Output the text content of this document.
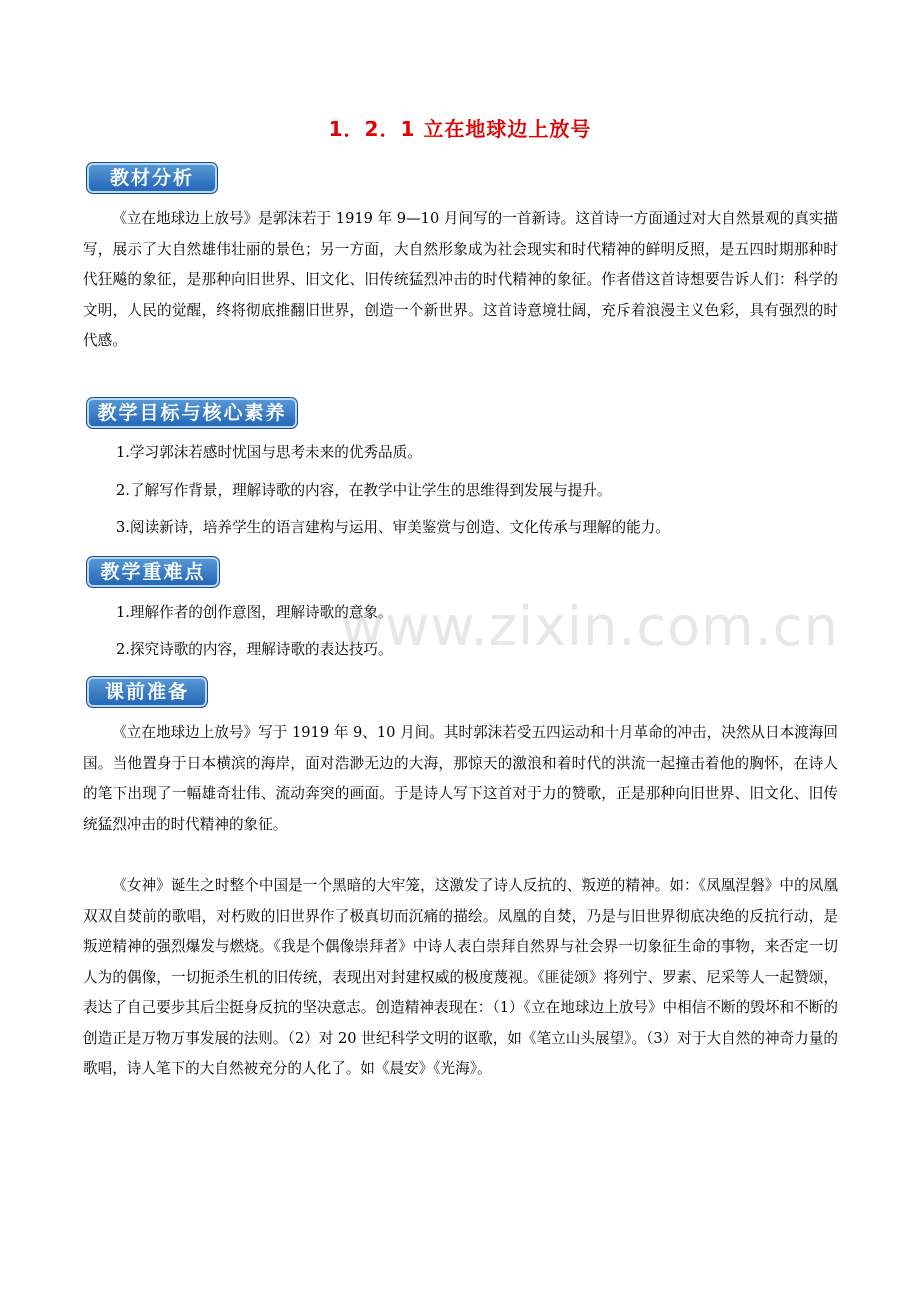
1．2．1 立在地球边上放号
教材分析

《立在地球边上放号》是郭沫若于 1919 年 9—10 月间写的一首新诗。这首诗一方面通过对大自然景观的真实描写，展示了大自然雄伟壮丽的景色；另一方面，大自然形象成为社会现实和时代精神的鲜明反照，是五四时期那种时代狂飚的象征，是那种向旧世界、旧文化、旧传统猛烈冲击的时代精神的象征。作者借这首诗想要告诉人们：科学的文明，人民的觉醒，终将彻底推翻旧世界，创造一个新世界。这首诗意境壮阔，充斥着浪漫主义色彩，具有强烈的时代感。

教学目标与核心素养

1.学习郭沫若感时忧国与思考未来的优秀品质。

2.了解写作背景，理解诗歌的内容，在教学中让学生的思维得到发展与提升。

3.阅读新诗，培养学生的语言建构与运用、审美鉴赏与创造、文化传承与理解的能力。

教学重难点

1.理解作者的创作意图，理解诗歌的意象。

2.探究诗歌的内容，理解诗歌的表达技巧。

课前准备

《立在地球边上放号》写于 1919 年 9、10 月间。其时郭沫若受五四运动和十月革命的冲击，决然从日本渡海回国。当他置身于日本横滨的海岸，面对浩渺无边的大海，那惊天的激浪和着时代的洪流一起撞击着他的胸怀，在诗人的笔下出现了一幅雄奇壮伟、流动奔突的画面。于是诗人写下这首对于力的赞歌，正是那种向旧世界、旧文化、旧传统猛烈冲击的时代精神的象征。

《女神》诞生之时整个中国是一个黑暗的大牢笼，这激发了诗人反抗的、叛逆的精神。如：《凤凰涅磐》中的凤凰双双自焚前的歌唱，对朽败的旧世界作了极真切而沉痛的描绘。凤凰的自焚，乃是与旧世界彻底决绝的反抗行动，是叛逆精神的强烈爆发与燃烧。《我是个偶像崇拜者》中诗人表白崇拜自然界与社会界一切象征生命的事物，来否定一切人为的偶像，一切扼杀生机的旧传统，表现出对封建权威的极度蔑视。《匪徒颂》将列宁、罗素、尼采等人一起赞颂，表达了自己要步其后尘挺身反抗的坚决意志。创造精神表现在：（1）《立在地球边上放号》中相信不断的毁坏和不断的创造正是万物万事发展的法则。（2）对 20 世纪科学文明的讴歌，如《笔立山头展望》。（3）对于大自然的神奇力量的歌唱，诗人笔下的大自然被充分的人化了。如《晨安》《光海》。

www.zixin.com.cn
